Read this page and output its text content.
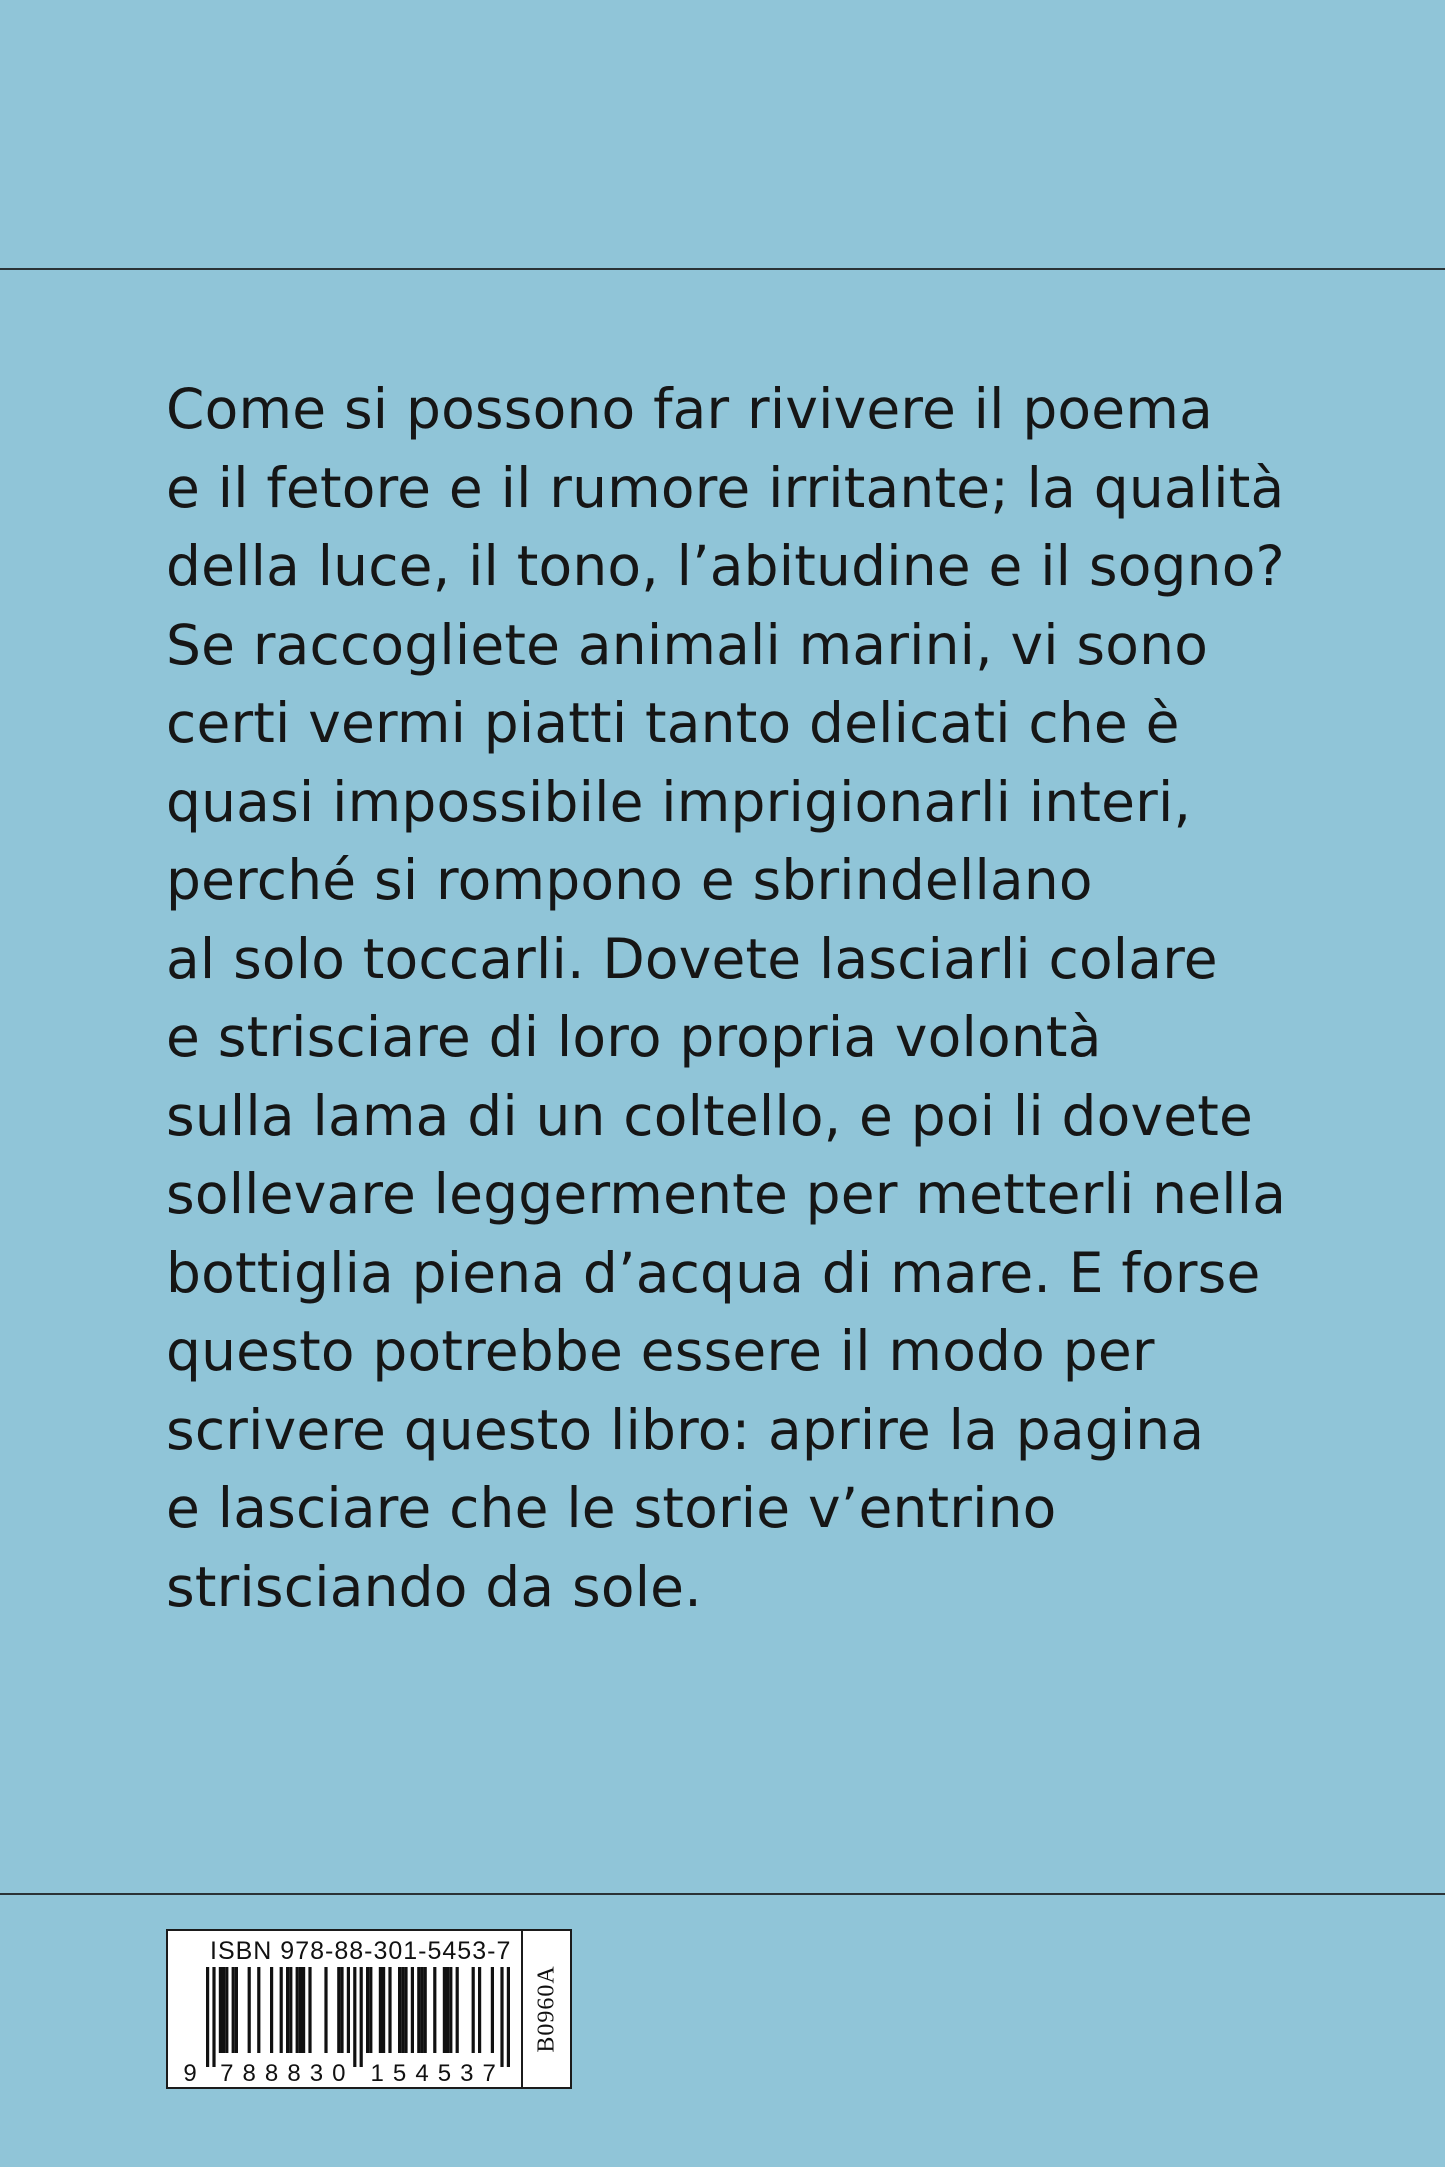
Come si possono far rivivere il poema
e il fetore e il rumore irritante; la qualità
della luce, il tono, l’abitudine e il sogno?
Se raccogliete animali marini, vi sono
certi vermi piatti tanto delicati che è
quasi impossibile imprigionarli interi,
perché si rompono e sbrindellano
al solo toccarli. Dovete lasciarli colare
e strisciare di loro propria volontà
sulla lama di un coltello, e poi li dovete
sollevare leggermente per metterli nella
bottiglia piena d’acqua di mare. E forse
questo potrebbe essere il modo per
scrivere questo libro: aprire la pagina
e lasciare che le storie v’entrino
strisciando da sole.
ISBN 978-88-301-5453-7
9 7 8 8 8 3 0 1 5 4 5 3 7
B0960A
